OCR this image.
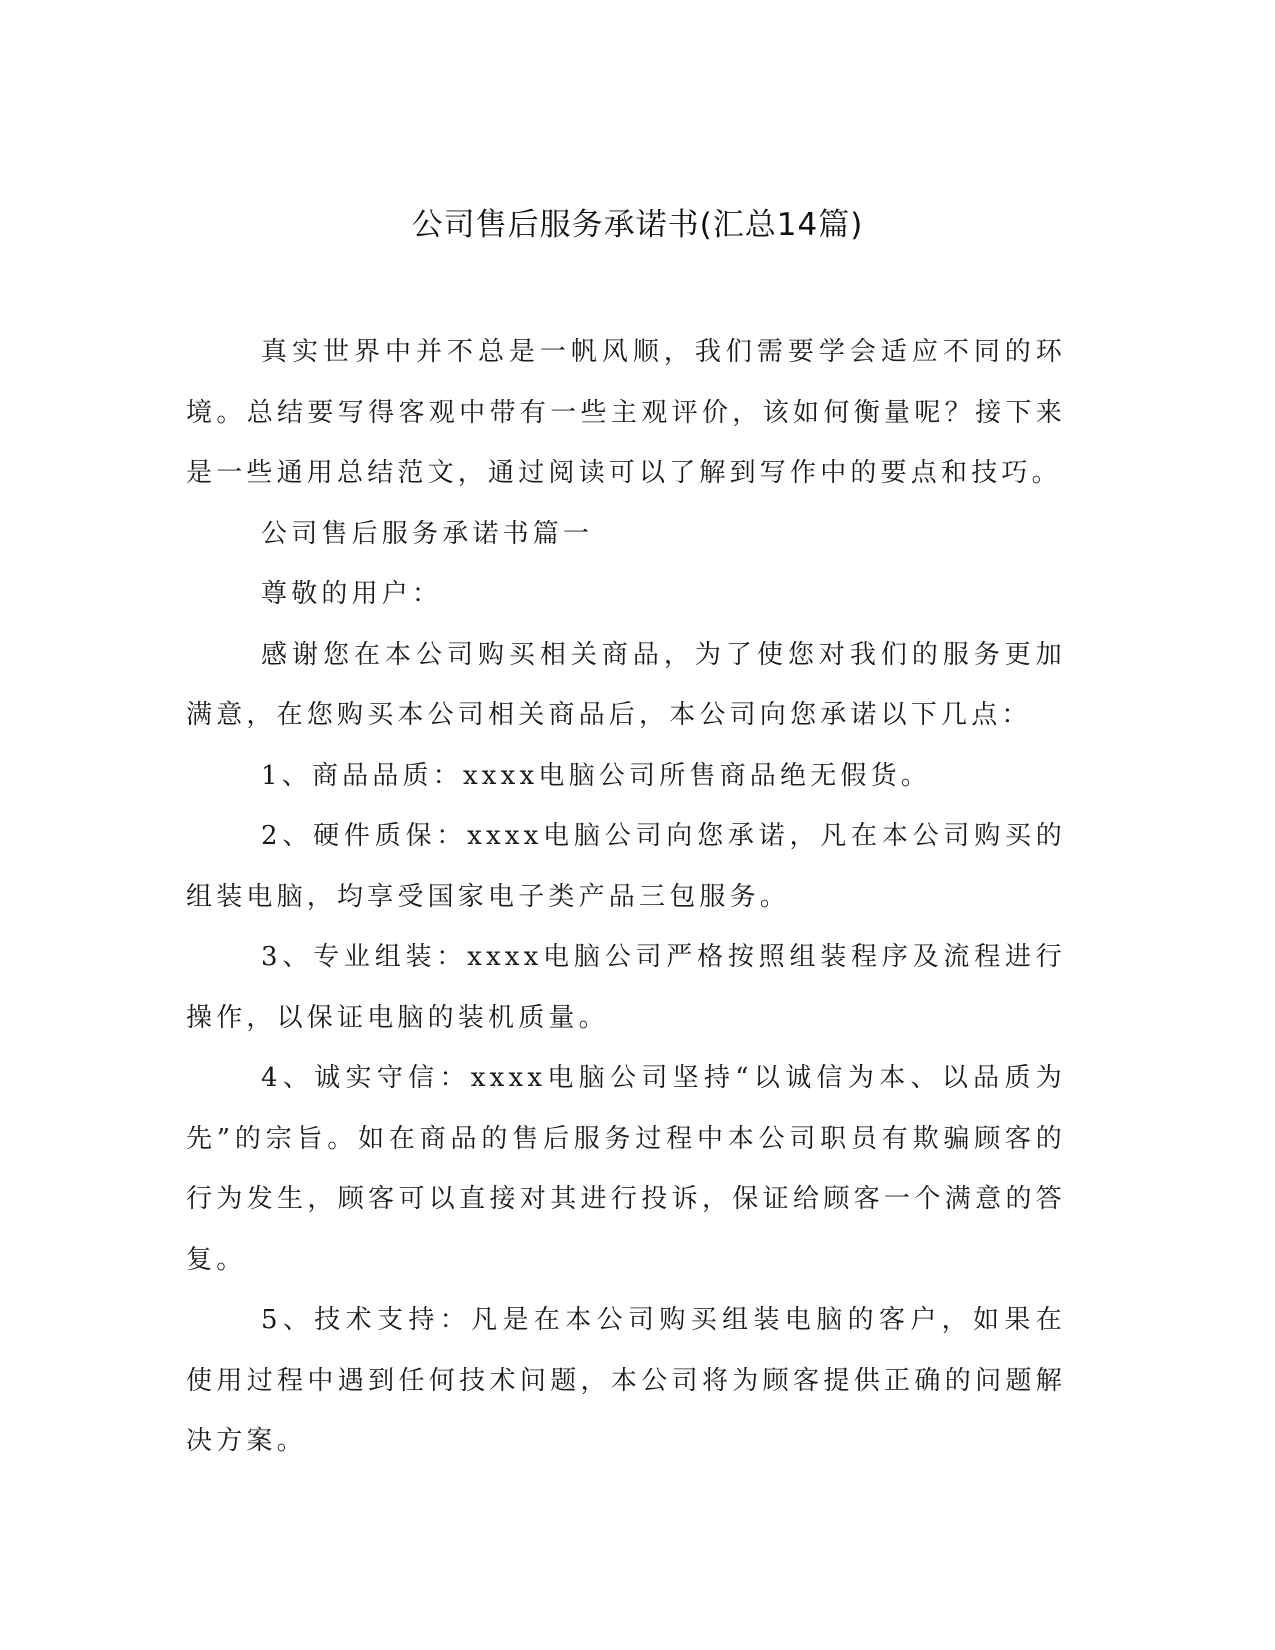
公司售后服务承诺书(汇总14篇)

真实世界中并不总是一帆风顺，我们需要学会适应不同的环境。总结要写得客观中带有一些主观评价，该如何衡量呢？接下来是一些通用总结范文，通过阅读可以了解到写作中的要点和技巧。

公司售后服务承诺书篇一

尊敬的用户：

感谢您在本公司购买相关商品，为了使您对我们的服务更加满意，在您购买本公司相关商品后，本公司向您承诺以下几点：

1、商品品质：xxxx电脑公司所售商品绝无假货。

2、硬件质保：xxxx电脑公司向您承诺，凡在本公司购买的组装电脑，均享受国家电子类产品三包服务。

3、专业组装：xxxx电脑公司严格按照组装程序及流程进行操作，以保证电脑的装机质量。

4、诚实守信：xxxx电脑公司坚持“以诚信为本、以品质为先”的宗旨。如在商品的售后服务过程中本公司职员有欺骗顾客的行为发生，顾客可以直接对其进行投诉，保证给顾客一个满意的答复。

5、技术支持：凡是在本公司购买组装电脑的客户，如果在使用过程中遇到任何技术问题，本公司将为顾客提供正确的问题解决方案。
